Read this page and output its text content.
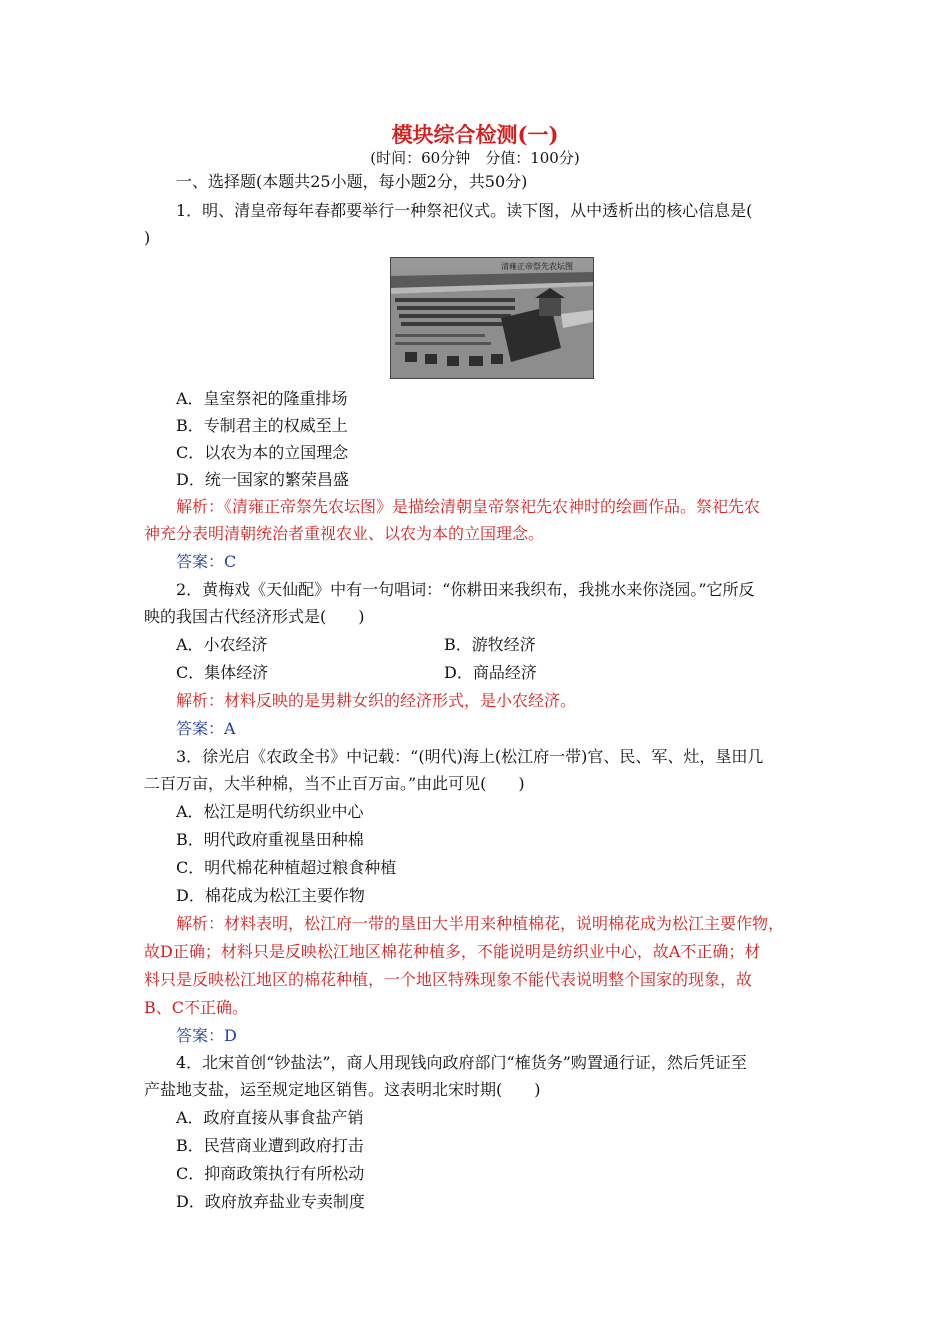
模块综合检测(一)
(时间：60分钟　分值：100分)
一、选择题(本题共25小题，每小题2分，共50分)
1．明、清皇帝每年春都要举行一种祭祀仪式。读下图，从中透析出的核心信息是(
)
清雍正帝祭先农坛图
A．皇室祭祀的隆重排场
B．专制君主的权威至上
C．以农为本的立国理念
D．统一国家的繁荣昌盛
解析：《清雍正帝祭先农坛图》是描绘清朝皇帝祭祀先农神时的绘画作品。祭祀先农
神充分表明清朝统治者重视农业、以农为本的立国理念。
答案：C
2．黄梅戏《天仙配》中有一句唱词：“你耕田来我织布，我挑水来你浇园。”它所反
映的我国古代经济形式是(　　)
A．小农经济	B．游牧经济
C．集体经济	D．商品经济
解析：材料反映的是男耕女织的经济形式，是小农经济。
答案：A
3．徐光启《农政全书》中记载：“(明代)海上(松江府一带)官、民、军、灶，垦田几
二百万亩，大半种棉，当不止百万亩。”由此可见(　　)
A．松江是明代纺织业中心
B．明代政府重视垦田种棉
C．明代棉花种植超过粮食种植
D．棉花成为松江主要作物
解析：材料表明，松江府一带的垦田大半用来种植棉花，说明棉花成为松江主要作物，
故D正确；材料只是反映松江地区棉花种植多，不能说明是纺织业中心，故A不正确；材
料只是反映松江地区的棉花种植，一个地区特殊现象不能代表说明整个国家的现象，故
B、C不正确。
答案：D
4．北宋首创“钞盐法”，商人用现钱向政府部门“榷货务”购置通行证，然后凭证至
产盐地支盐，运至规定地区销售。这表明北宋时期(　　)
A．政府直接从事食盐产销
B．民营商业遭到政府打击
C．抑商政策执行有所松动
D．政府放弃盐业专卖制度
